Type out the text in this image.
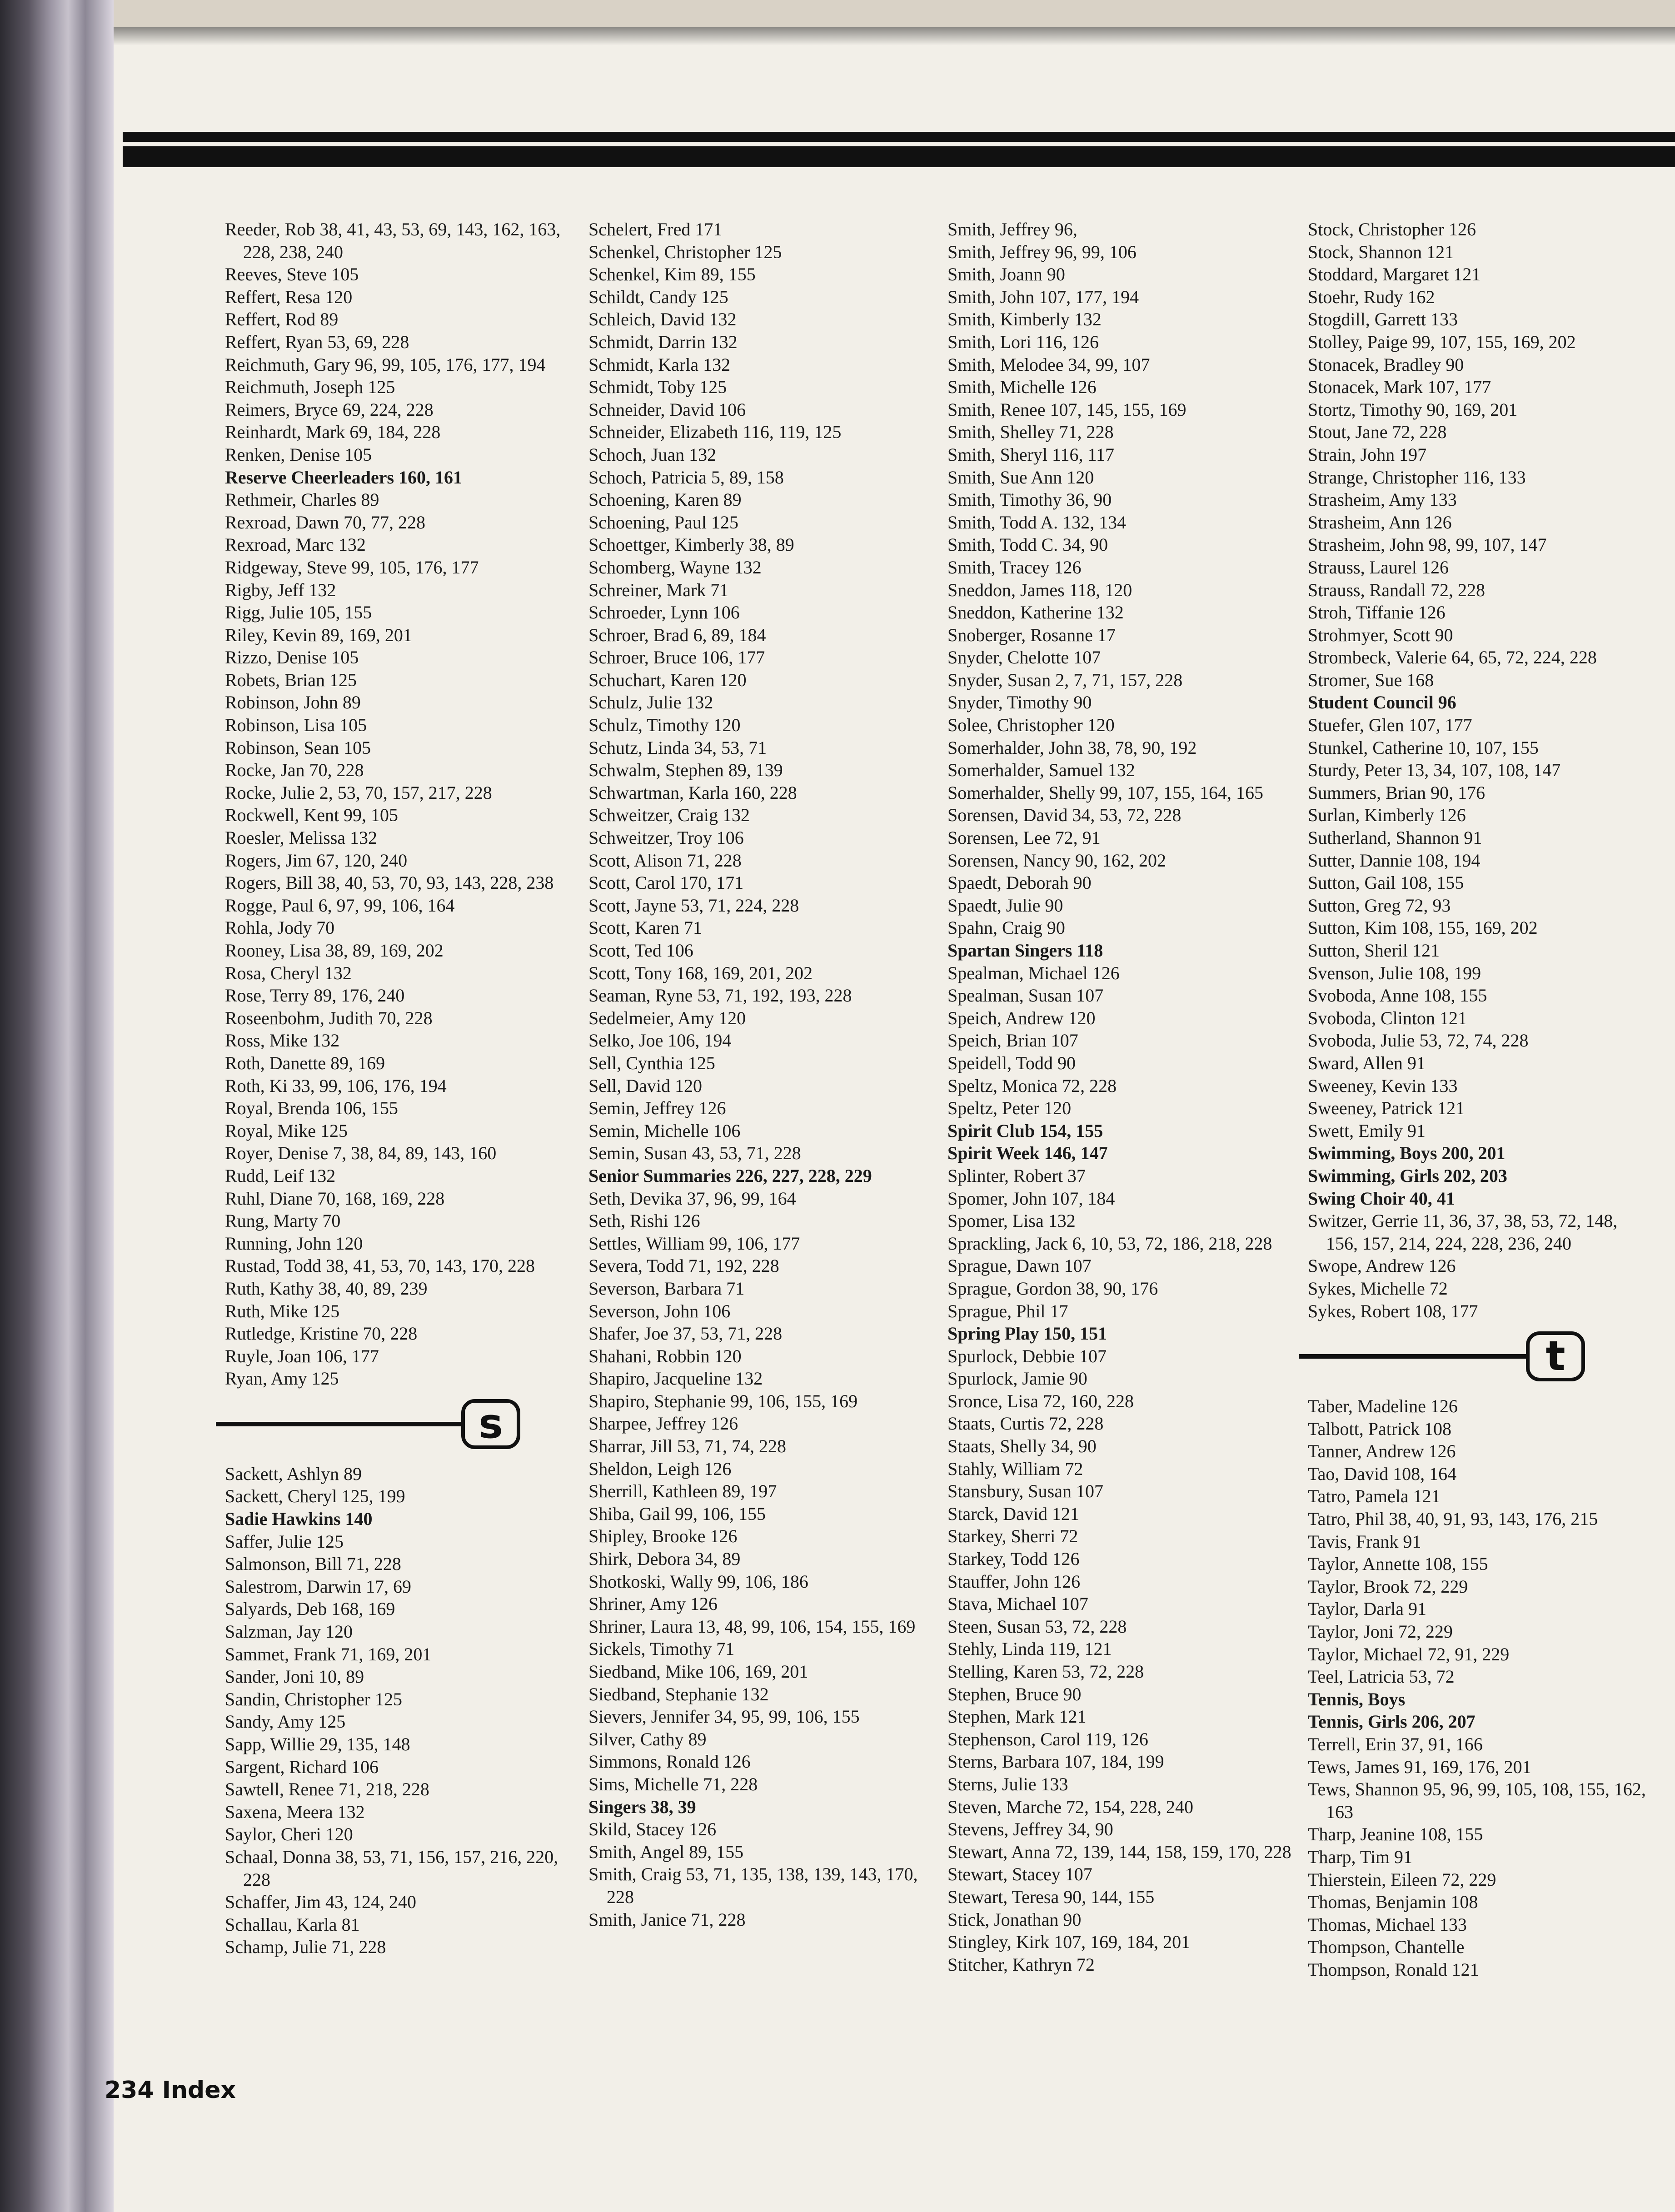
Reeder, Rob 38, 41, 43, 53, 69, 143, 162, 163, 228, 238, 240
Reeves, Steve 105
Reffert, Resa 120
Reffert, Rod 89
Reffert, Ryan 53, 69, 228
Reichmuth, Gary 96, 99, 105, 176, 177, 194
Reichmuth, Joseph 125
Reimers, Bryce 69, 224, 228
Reinhardt, Mark 69, 184, 228
Renken, Denise 105
Reserve Cheerleaders 160, 161
Rethmeir, Charles 89
Rexroad, Dawn 70, 77, 228
Rexroad, Marc 132
Ridgeway, Steve 99, 105, 176, 177
Rigby, Jeff 132
Rigg, Julie 105, 155
Riley, Kevin 89, 169, 201
Rizzo, Denise 105
Robets, Brian 125
Robinson, John 89
Robinson, Lisa 105
Robinson, Sean 105
Rocke, Jan 70, 228
Rocke, Julie 2, 53, 70, 157, 217, 228
Rockwell, Kent 99, 105
Roesler, Melissa 132
Rogers, Jim 67, 120, 240
Rogers, Bill 38, 40, 53, 70, 93, 143, 228, 238
Rogge, Paul 6, 97, 99, 106, 164
Rohla, Jody 70
Rooney, Lisa 38, 89, 169, 202
Rosa, Cheryl 132
Rose, Terry 89, 176, 240
Roseenbohm, Judith 70, 228
Ross, Mike 132
Roth, Danette 89, 169
Roth, Ki 33, 99, 106, 176, 194
Royal, Brenda 106, 155
Royal, Mike 125
Royer, Denise 7, 38, 84, 89, 143, 160
Rudd, Leif 132
Ruhl, Diane 70, 168, 169, 228
Rung, Marty 70
Running, John 120
Rustad, Todd 38, 41, 53, 70, 143, 170, 228
Ruth, Kathy 38, 40, 89, 239
Ruth, Mike 125
Rutledge, Kristine 70, 228
Ruyle, Joan 106, 177
Ryan, Amy 125
s
Sackett, Ashlyn 89
Sackett, Cheryl 125, 199
Sadie Hawkins 140
Saffer, Julie 125
Salmonson, Bill 71, 228
Salestrom, Darwin 17, 69
Salyards, Deb 168, 169
Salzman, Jay 120
Sammet, Frank 71, 169, 201
Sander, Joni 10, 89
Sandin, Christopher 125
Sandy, Amy 125
Sapp, Willie 29, 135, 148
Sargent, Richard 106
Sawtell, Renee 71, 218, 228
Saxena, Meera 132
Saylor, Cheri 120
Schaal, Donna 38, 53, 71, 156, 157, 216, 220, 228
Schaffer, Jim 43, 124, 240
Schallau, Karla 81
Schamp, Julie 71, 228
Schelert, Fred 171
Schenkel, Christopher 125
Schenkel, Kim 89, 155
Schildt, Candy 125
Schleich, David 132
Schmidt, Darrin 132
Schmidt, Karla 132
Schmidt, Toby 125
Schneider, David 106
Schneider, Elizabeth 116, 119, 125
Schoch, Juan 132
Schoch, Patricia 5, 89, 158
Schoening, Karen 89
Schoening, Paul 125
Schoettger, Kimberly 38, 89
Schomberg, Wayne 132
Schreiner, Mark 71
Schroeder, Lynn 106
Schroer, Brad 6, 89, 184
Schroer, Bruce 106, 177
Schuchart, Karen 120
Schulz, Julie 132
Schulz, Timothy 120
Schutz, Linda 34, 53, 71
Schwalm, Stephen 89, 139
Schwartman, Karla 160, 228
Schweitzer, Craig 132
Schweitzer, Troy 106
Scott, Alison 71, 228
Scott, Carol 170, 171
Scott, Jayne 53, 71, 224, 228
Scott, Karen 71
Scott, Ted 106
Scott, Tony 168, 169, 201, 202
Seaman, Ryne 53, 71, 192, 193, 228
Sedelmeier, Amy 120
Selko, Joe 106, 194
Sell, Cynthia 125
Sell, David 120
Semin, Jeffrey 126
Semin, Michelle 106
Semin, Susan 43, 53, 71, 228
Senior Summaries 226, 227, 228, 229
Seth, Devika 37, 96, 99, 164
Seth, Rishi 126
Settles, William 99, 106, 177
Severa, Todd 71, 192, 228
Severson, Barbara 71
Severson, John 106
Shafer, Joe 37, 53, 71, 228
Shahani, Robbin 120
Shapiro, Jacqueline 132
Shapiro, Stephanie 99, 106, 155, 169
Sharpee, Jeffrey 126
Sharrar, Jill 53, 71, 74, 228
Sheldon, Leigh 126
Sherrill, Kathleen 89, 197
Shiba, Gail 99, 106, 155
Shipley, Brooke 126
Shirk, Debora 34, 89
Shotkoski, Wally 99, 106, 186
Shriner, Amy 126
Shriner, Laura 13, 48, 99, 106, 154, 155, 169
Sickels, Timothy 71
Siedband, Mike 106, 169, 201
Siedband, Stephanie 132
Sievers, Jennifer 34, 95, 99, 106, 155
Silver, Cathy 89
Simmons, Ronald 126
Sims, Michelle 71, 228
Singers 38, 39
Skild, Stacey 126
Smith, Angel 89, 155
Smith, Craig 53, 71, 135, 138, 139, 143, 170, 228
Smith, Janice 71, 228
Smith, Jeffrey 96,
Smith, Jeffrey 96, 99, 106
Smith, Joann 90
Smith, John 107, 177, 194
Smith, Kimberly 132
Smith, Lori 116, 126
Smith, Melodee 34, 99, 107
Smith, Michelle 126
Smith, Renee 107, 145, 155, 169
Smith, Shelley 71, 228
Smith, Sheryl 116, 117
Smith, Sue Ann 120
Smith, Timothy 36, 90
Smith, Todd A. 132, 134
Smith, Todd C. 34, 90
Smith, Tracey 126
Sneddon, James 118, 120
Sneddon, Katherine 132
Snoberger, Rosanne 17
Snyder, Chelotte 107
Snyder, Susan 2, 7, 71, 157, 228
Snyder, Timothy 90
Solee, Christopher 120
Somerhalder, John 38, 78, 90, 192
Somerhalder, Samuel 132
Somerhalder, Shelly 99, 107, 155, 164, 165
Sorensen, David 34, 53, 72, 228
Sorensen, Lee 72, 91
Sorensen, Nancy 90, 162, 202
Spaedt, Deborah 90
Spaedt, Julie 90
Spahn, Craig 90
Spartan Singers 118
Spealman, Michael 126
Spealman, Susan 107
Speich, Andrew 120
Speich, Brian 107
Speidell, Todd 90
Speltz, Monica 72, 228
Speltz, Peter 120
Spirit Club 154, 155
Spirit Week 146, 147
Splinter, Robert 37
Spomer, John 107, 184
Spomer, Lisa 132
Sprackling, Jack 6, 10, 53, 72, 186, 218, 228
Sprague, Dawn 107
Sprague, Gordon 38, 90, 176
Sprague, Phil 17
Spring Play 150, 151
Spurlock, Debbie 107
Spurlock, Jamie 90
Sronce, Lisa 72, 160, 228
Staats, Curtis 72, 228
Staats, Shelly 34, 90
Stahly, William 72
Stansbury, Susan 107
Starck, David 121
Starkey, Sherri 72
Starkey, Todd 126
Stauffer, John 126
Stava, Michael 107
Steen, Susan 53, 72, 228
Stehly, Linda 119, 121
Stelling, Karen 53, 72, 228
Stephen, Bruce 90
Stephen, Mark 121
Stephenson, Carol 119, 126
Sterns, Barbara 107, 184, 199
Sterns, Julie 133
Steven, Marche 72, 154, 228, 240
Stevens, Jeffrey 34, 90
Stewart, Anna 72, 139, 144, 158, 159, 170, 228
Stewart, Stacey 107
Stewart, Teresa 90, 144, 155
Stick, Jonathan 90
Stingley, Kirk 107, 169, 184, 201
Stitcher, Kathryn 72
Stock, Christopher 126
Stock, Shannon 121
Stoddard, Margaret 121
Stoehr, Rudy 162
Stogdill, Garrett 133
Stolley, Paige 99, 107, 155, 169, 202
Stonacek, Bradley 90
Stonacek, Mark 107, 177
Stortz, Timothy 90, 169, 201
Stout, Jane 72, 228
Strain, John 197
Strange, Christopher 116, 133
Strasheim, Amy 133
Strasheim, Ann 126
Strasheim, John 98, 99, 107, 147
Strauss, Laurel 126
Strauss, Randall 72, 228
Stroh, Tiffanie 126
Strohmyer, Scott 90
Strombeck, Valerie 64, 65, 72, 224, 228
Stromer, Sue 168
Student Council 96
Stuefer, Glen 107, 177
Stunkel, Catherine 10, 107, 155
Sturdy, Peter 13, 34, 107, 108, 147
Summers, Brian 90, 176
Surlan, Kimberly 126
Sutherland, Shannon 91
Sutter, Dannie 108, 194
Sutton, Gail 108, 155
Sutton, Greg 72, 93
Sutton, Kim 108, 155, 169, 202
Sutton, Sheril 121
Svenson, Julie 108, 199
Svoboda, Anne 108, 155
Svoboda, Clinton 121
Svoboda, Julie 53, 72, 74, 228
Sward, Allen 91
Sweeney, Kevin 133
Sweeney, Patrick 121
Swett, Emily 91
Swimming, Boys 200, 201
Swimming, Girls 202, 203
Swing Choir 40, 41
Switzer, Gerrie 11, 36, 37, 38, 53, 72, 148, 156, 157, 214, 224, 228, 236, 240
Swope, Andrew 126
Sykes, Michelle 72
Sykes, Robert 108, 177
t
Taber, Madeline 126
Talbott, Patrick 108
Tanner, Andrew 126
Tao, David 108, 164
Tatro, Pamela 121
Tatro, Phil 38, 40, 91, 93, 143, 176, 215
Tavis, Frank 91
Taylor, Annette 108, 155
Taylor, Brook 72, 229
Taylor, Darla 91
Taylor, Joni 72, 229
Taylor, Michael 72, 91, 229
Teel, Latricia 53, 72
Tennis, Boys
Tennis, Girls 206, 207
Terrell, Erin 37, 91, 166
Tews, James 91, 169, 176, 201
Tews, Shannon 95, 96, 99, 105, 108, 155, 162, 163
Tharp, Jeanine 108, 155
Tharp, Tim 91
Thierstein, Eileen 72, 229
Thomas, Benjamin 108
Thomas, Michael 133
Thompson, Chantelle
Thompson, Ronald 121
234 Index
